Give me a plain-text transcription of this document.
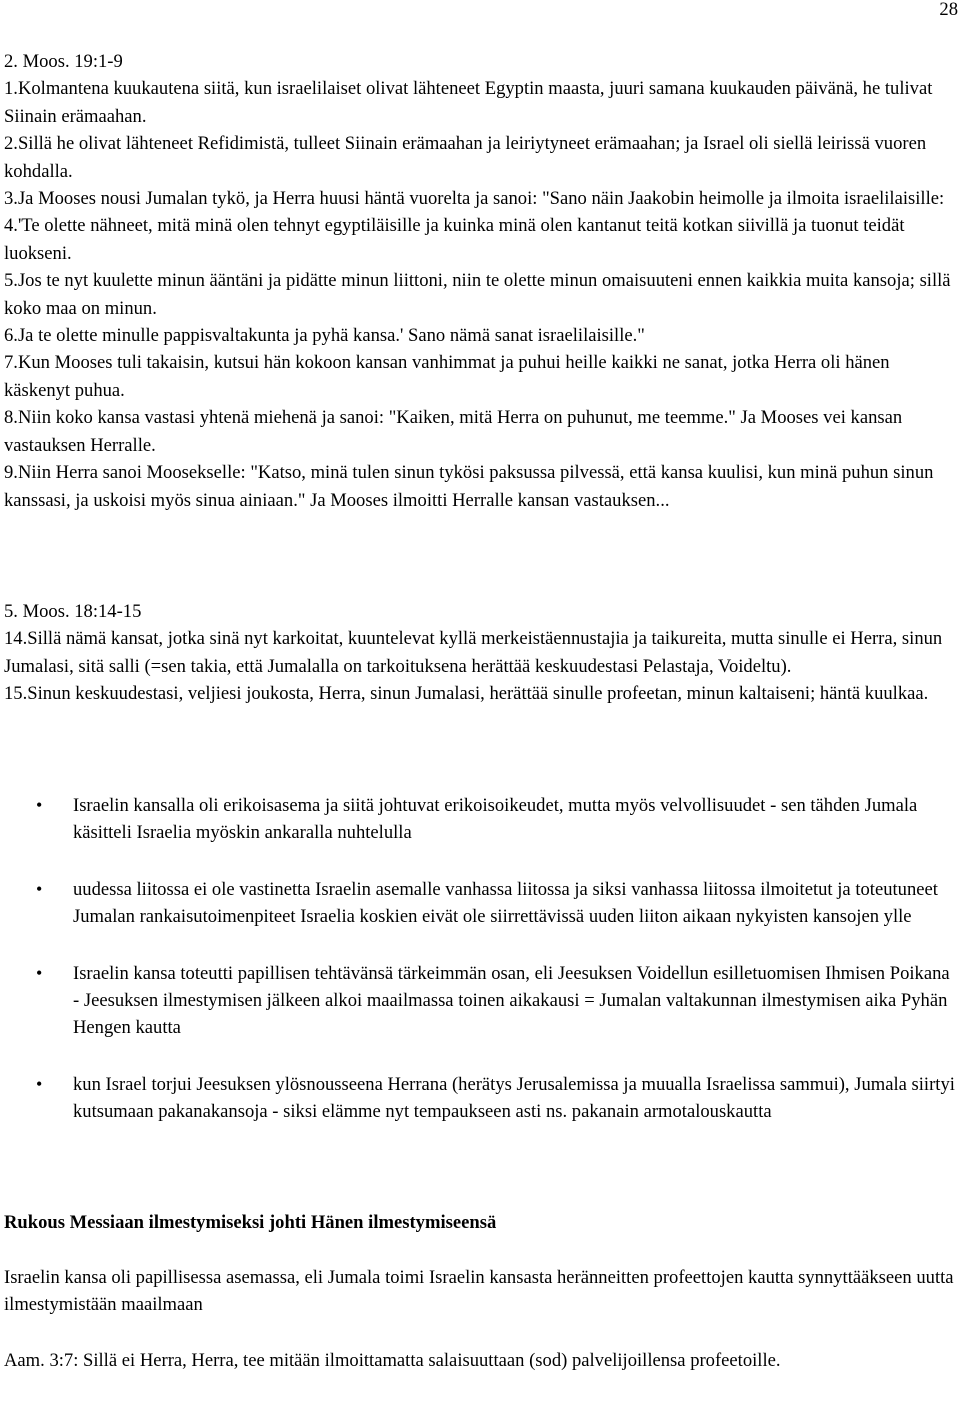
28

2. Moos. 19:1-9

1.Kolmantena kuukautena siitä, kun israelilaiset olivat lähteneet Egyptin maasta, juuri samana kuukauden päivänä, he tulivat Siinain erämaahan.

2.Sillä he olivat lähteneet Refidimistä, tulleet Siinain erämaahan ja leiriytyneet erämaahan; ja Israel oli siellä leirissä vuoren kohdalla.

3.Ja Mooses nousi Jumalan tykö, ja Herra huusi häntä vuorelta ja sanoi: "Sano näin Jaakobin heimolle ja ilmoita israelilaisille:

4.'Te olette nähneet, mitä minä olen tehnyt egyptiläisille ja kuinka minä olen kantanut teitä kotkan siivillä ja tuonut teidät luokseni.

5.Jos te nyt kuulette minun ääntäni ja pidätte minun liittoni, niin te olette minun omaisuuteni ennen kaikkia muita kansoja; sillä koko maa on minun.

6.Ja te olette minulle pappisvaltakunta ja pyhä kansa.' Sano nämä sanat israelilaisille."

7.Kun Mooses tuli takaisin, kutsui hän kokoon kansan vanhimmat ja puhui heille kaikki ne sanat, jotka Herra oli hänen käskenyt puhua.

8.Niin koko kansa vastasi yhtenä miehenä ja sanoi: "Kaiken, mitä Herra on puhunut, me teemme." Ja Mooses vei kansan vastauksen Herralle.

9.Niin Herra sanoi Moosekselle: "Katso, minä tulen sinun tykösi paksussa pilvessä, että kansa kuulisi, kun minä puhun sinun kanssasi, ja uskoisi myös sinua ainiaan." Ja Mooses ilmoitti Herralle kansan vastauksen...

5. Moos. 18:14-15

14.Sillä nämä kansat, jotka sinä nyt karkoitat, kuuntelevat kyllä merkeistäennustajia ja taikureita, mutta sinulle ei Herra, sinun Jumalasi, sitä salli (=sen takia, että Jumalalla on tarkoituksena herättää keskuudestasi Pelastaja, Voideltu).

15.Sinun keskuudestasi, veljiesi joukosta, Herra, sinun Jumalasi, herättää sinulle profeetan, minun kaltaiseni; häntä kuulkaa.

• Israelin kansalla oli erikoisasema ja siitä johtuvat erikoisoikeudet, mutta myös velvollisuudet - sen tähden Jumala käsitteli Israelia myöskin ankaralla nuhtelulla
• uudessa liitossa ei ole vastinetta Israelin asemalle vanhassa liitossa ja siksi vanhassa liitossa ilmoitetut ja toteutuneet Jumalan rankaisutoimenpiteet Israelia koskien eivät ole siirrettävissä uuden liiton aikaan nykyisten kansojen ylle
• Israelin kansa toteutti papillisen tehtävänsä tärkeimmän osan, eli Jeesuksen Voidellun esilletuomisen Ihmisen Poikana - Jeesuksen ilmestymisen jälkeen alkoi maailmassa toinen aikakausi = Jumalan valtakunnan ilmestymisen aika Pyhän Hengen kautta
• kun Israel torjui Jeesuksen ylösnousseena Herrana (herätys Jerusalemissa ja muualla Israelissa sammui), Jumala siirtyi kutsumaan pakanakansoja - siksi elämme nyt tempaukseen asti ns. pakanain armotalouskautta
Rukous Messiaan ilmestymiseksi johti Hänen ilmestymiseensä
Israelin kansa oli papillisessa asemassa, eli Jumala toimi Israelin kansasta heränneitten profeettojen kautta synnyttääkseen uutta ilmestymistään maailmaan
Aam. 3:7: Sillä ei Herra, Herra, tee mitään ilmoittamatta salaisuuttaan (sod) palvelijoillensa profeetoille.
